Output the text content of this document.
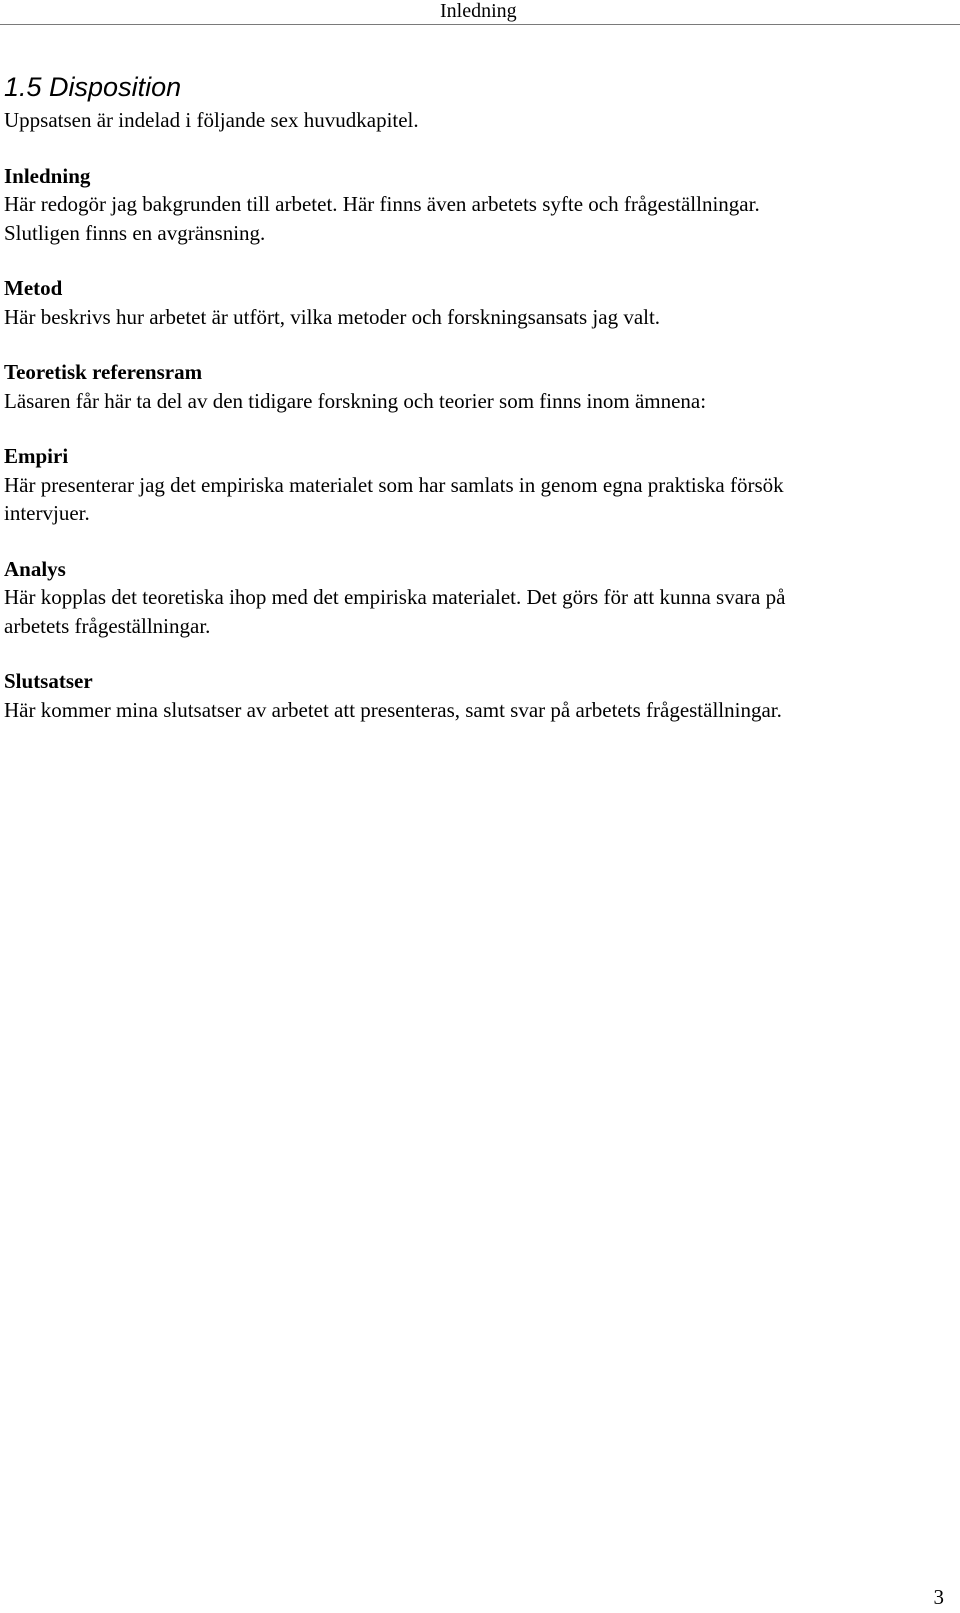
Inledning
1.5 Disposition

Uppsatsen är indelad i följande sex huvudkapitel.

Inledning

Här redogör jag bakgrunden till arbetet. Här finns även arbetets syfte och frågeställningar.

Slutligen finns en avgränsning.

Metod

Här beskrivs hur arbetet är utfört, vilka metoder och forskningsansats jag valt.

Teoretisk referensram

Läsaren får här ta del av den tidigare forskning och teorier som finns inom ämnena:

Empiri

Här presenterar jag det empiriska materialet som har samlats in genom egna praktiska försök

intervjuer.

Analys

Här kopplas det teoretiska ihop med det empiriska materialet. Det görs för att kunna svara på

arbetets frågeställningar.

Slutsatser

Här kommer mina slutsatser av arbetet att presenteras, samt svar på arbetets frågeställningar.

3
